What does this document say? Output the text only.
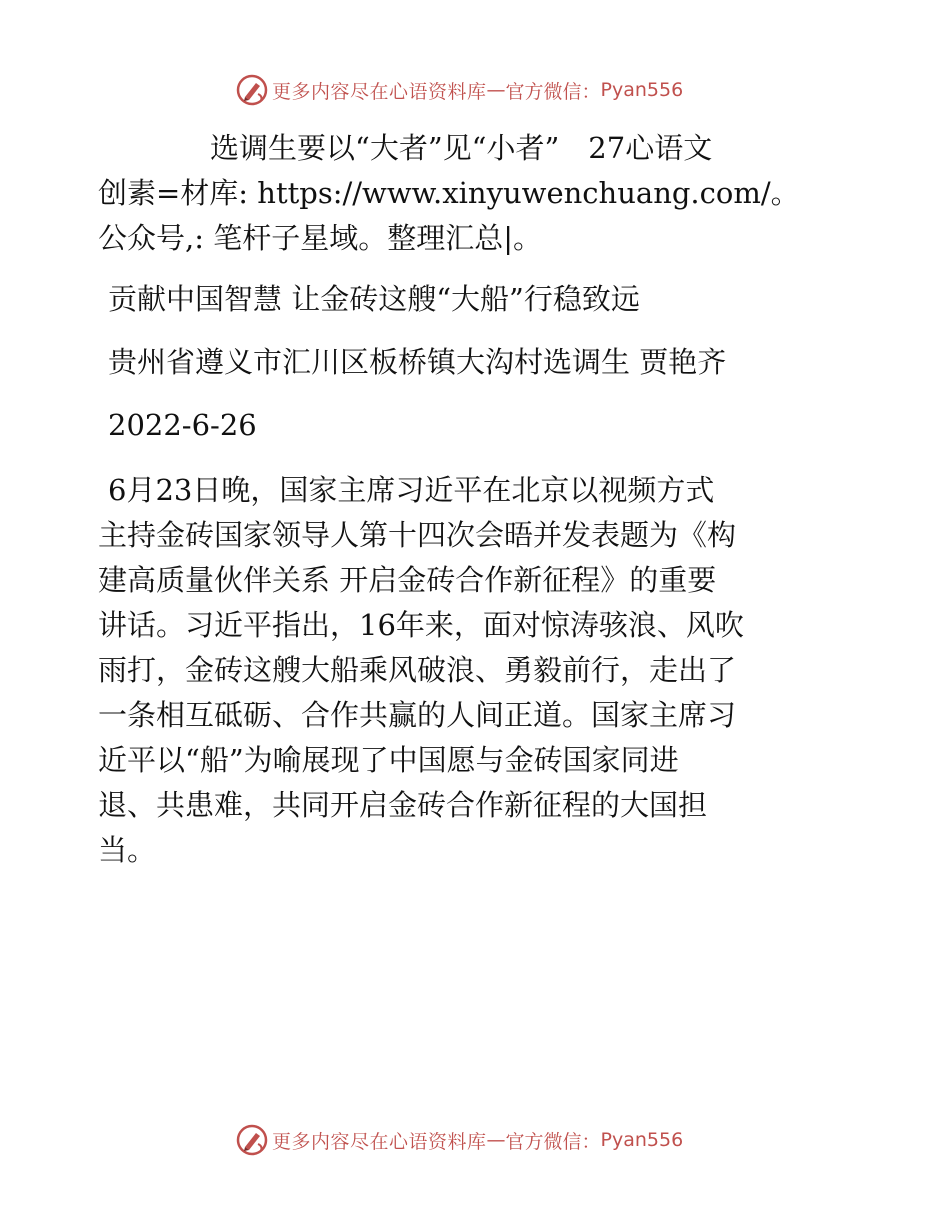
更多内容尽在心语资料库 — 官方微信： Pyan556
选调生要以“大者”见“小者”　27心语文
创素=材库: https://www.xinyuwenchuang.com/。
公众号,: 笔杆子星域。整理汇总|。
贡献中国智慧 让金砖这艘“大船”行稳致远
贵州省遵义市汇川区板桥镇大沟村选调生 贾艳齐
2022-6-26
6月23日晚，国家主席习近平在北京以视频方式
主持金砖国家领导人第十四次会晤并发表题为《构
建高质量伙伴关系 开启金砖合作新征程》的重要
讲话。习近平指出，16年来，面对惊涛骇浪、风吹
雨打，金砖这艘大船乘风破浪、勇毅前行，走出了
一条相互砥砺、合作共赢的人间正道。国家主席习
近平以“船”为喻展现了中国愿与金砖国家同进
退、共患难，共同开启金砖合作新征程的大国担
当。
更多内容尽在心语资料库 — 官方微信： Pyan556
